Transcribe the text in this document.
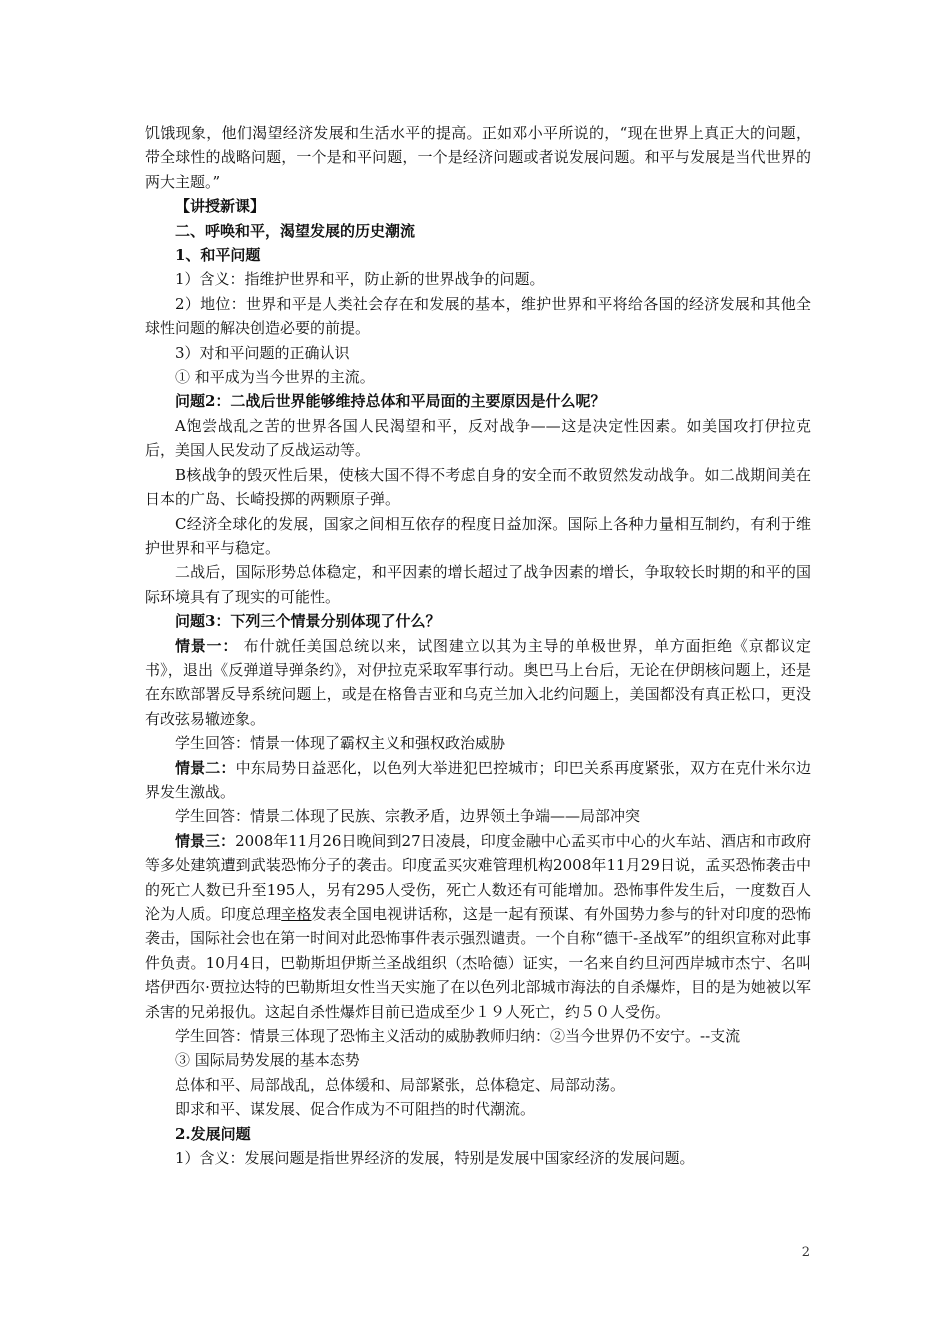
饥饿现象，他们渴望经济发展和生活水平的提高。正如邓小平所说的，“现在世界上真正大的问题，带全球性的战略问题，一个是和平问题，一个是经济问题或者说发展问题。和平与发展是当代世界的两大主题。”

【讲授新课】

二、呼唤和平，渴望发展的历史潮流

1、和平问题

1）含义：指维护世界和平，防止新的世界战争的问题。

2）地位：世界和平是人类社会存在和发展的基本，维护世界和平将给各国的经济发展和其他全球性问题的解决创造必要的前提。

3）对和平问题的正确认识

① 和平成为当今世界的主流。

问题2：二战后世界能够维持总体和平局面的主要原因是什么呢？

A饱尝战乱之苦的世界各国人民渴望和平，反对战争——这是决定性因素。如美国攻打伊拉克后，美国人民发动了反战运动等。

B核战争的毁灭性后果，使核大国不得不考虑自身的安全而不敢贸然发动战争。如二战期间美在日本的广岛、长崎投掷的两颗原子弹。

C经济全球化的发展，国家之间相互依存的程度日益加深。国际上各种力量相互制约，有利于维护世界和平与稳定。

二战后，国际形势总体稳定，和平因素的增长超过了战争因素的增长，争取较长时期的和平的国际环境具有了现实的可能性。

问题3：下列三个情景分别体现了什么？

情景一： 布什就任美国总统以来，试图建立以其为主导的单极世界，单方面拒绝《京都议定书》，退出《反弹道导弹条约》，对伊拉克采取军事行动。奥巴马上台后，无论在伊朗核问题上，还是在东欧部署反导系统问题上，或是在格鲁吉亚和乌克兰加入北约问题上，美国都没有真正松口，更没有改弦易辙迹象。

学生回答：情景一体现了霸权主义和强权政治威胁

情景二：中东局势日益恶化，以色列大举进犯巴控城市；印巴关系再度紧张，双方在克什米尔边界发生激战。

学生回答：情景二体现了民族、宗教矛盾，边界领土争端——局部冲突

情景三：2008年11月26日晚间到27日凌晨，印度金融中心孟买市中心的火车站、酒店和市政府等多处建筑遭到武装恐怖分子的袭击。印度孟买灾难管理机构2008年11月29日说，孟买恐怖袭击中的死亡人数已升至195人，另有295人受伤，死亡人数还有可能增加。恐怖事件发生后，一度数百人沦为人质。印度总理辛格发表全国电视讲话称，这是一起有预谋、有外国势力参与的针对印度的恐怖袭击，国际社会也在第一时间对此恐怖事件表示强烈谴责。一个自称“德干-圣战军”的组织宣称对此事件负责。10月4日，巴勒斯坦伊斯兰圣战组织（杰哈德）证实，一名来自约旦河西岸城市杰宁、名叫塔伊西尔·贾拉达特的巴勒斯坦女性当天实施了在以色列北部城市海法的自杀爆炸，目的是为她被以军杀害的兄弟报仇。这起自杀性爆炸目前已造成至少１９人死亡，约５０人受伤。

学生回答：情景三体现了恐怖主义活动的威胁教师归纳：②当今世界仍不安宁。--支流

③ 国际局势发展的基本态势

总体和平、局部战乱，总体缓和、局部紧张，总体稳定、局部动荡。

即求和平、谋发展、促合作成为不可阻挡的时代潮流。

2.发展问题

1）含义：发展问题是指世界经济的发展，特别是发展中国家经济的发展问题。

2
